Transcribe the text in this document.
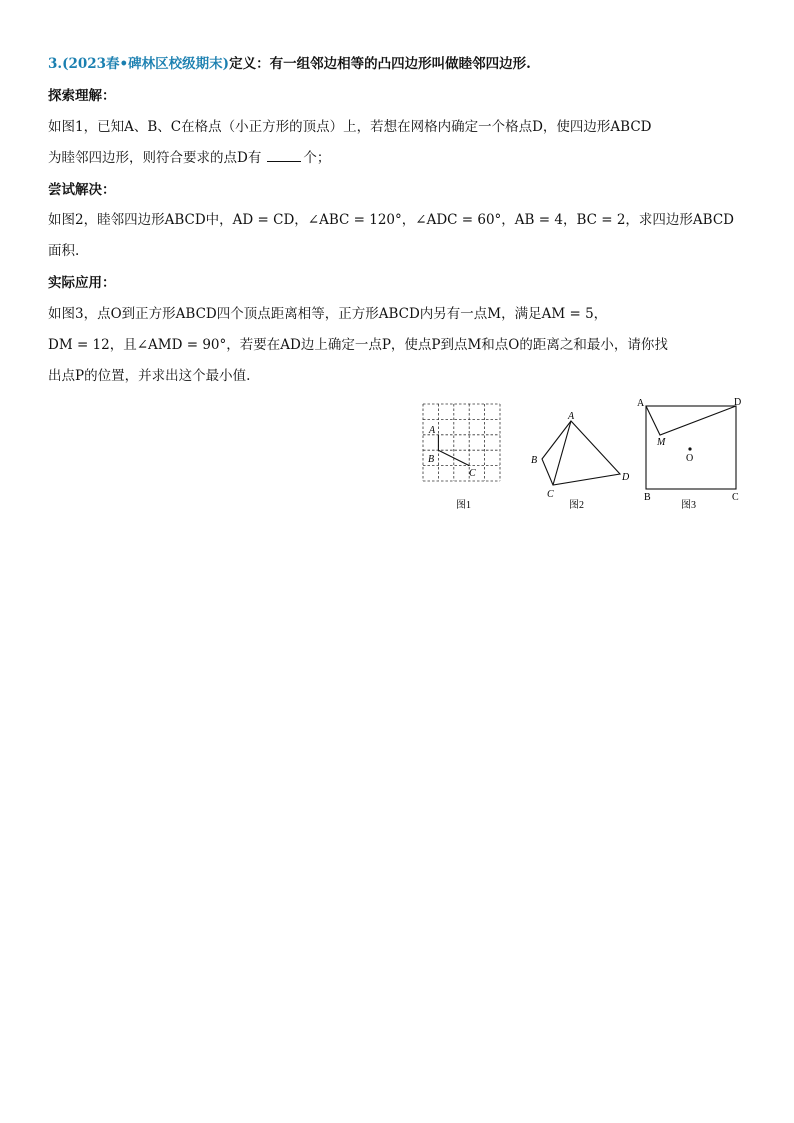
3.(2023春•碑林区校级期末)定义：有一组邻边相等的凸四边形叫做睦邻四边形.
探索理解：
如图1，已知A、B、C在格点（小正方形的顶点）上，若想在网格内确定一个格点D，使四边形ABCD
为睦邻四边形，则符合要求的点D有	个；
尝试解决：
如图2，睦邻四边形ABCD中，AD = CD，∠ABC = 120°，∠ADC = 60°，AB = 4，BC = 2，求四边形ABCD
面积.
实际应用：
如图3，点O到正方形ABCD四个顶点距离相等，正方形ABCD内另有一点M，满足AM = 5，
DM = 12，且∠AMD = 90°，若要在AD边上确定一点P，使点P到点M和点O的距离之和最小，请你找
出点P的位置，并求出这个最小值.
A
B
C
图1
A
B
C
D
图2
A	D
M
O
B	C
图3
